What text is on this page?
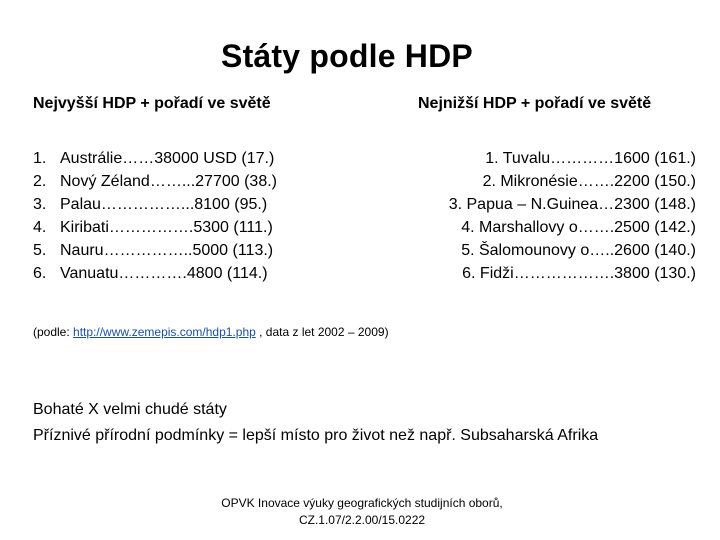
Státy podle HDP
Nejvyšší HDP + pořadí ve světě	Nejnižší HDP + pořadí ve světě
1. Austrálie……38000 USD (17.)
2. Nový Zéland……...27700 (38.)
3. Palau……………...8100 (95.)
4. Kiribati…………….5300 (111.)
5. Nauru……………..5000 (113.)
6. Vanuatu………….4800 (114.)
1. Tuvalu…………1600 (161.)
2. Mikronésie…….2200 (150.)
3. Papua – N.Guinea…2300 (148.)
4. Marshallovy o…….2500 (142.)
5. Šalomounovy o…..2600 (140.)
6. Fidži……………….3800 (130.)
(podle: http://www.zemepis.com/hdp1.php , data z let 2002 – 2009)
Bohaté X velmi chudé státy
Příznivé přírodní podmínky = lepší místo pro život než např. Subsaharská Afrika
OPVK Inovace výuky geografických studijních oborů,
CZ.1.07/2.2.00/15.0222
